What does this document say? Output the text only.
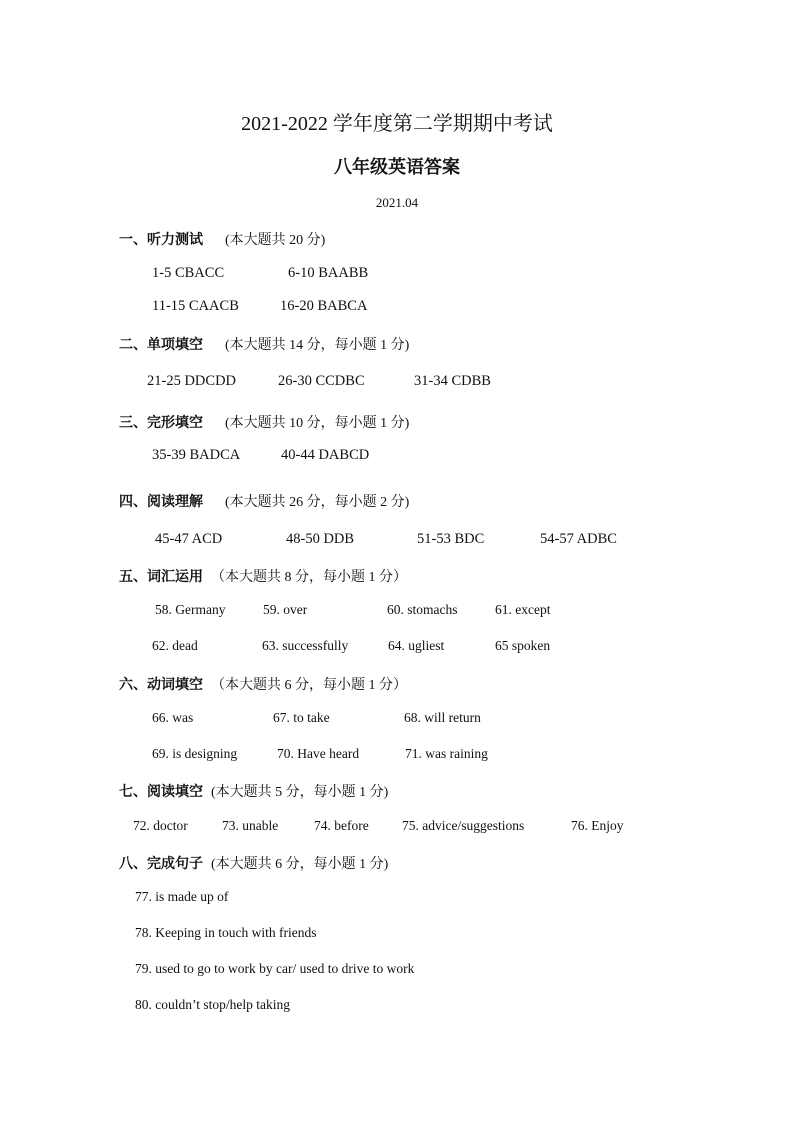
2021-2022 学年度第二学期期中考试
八年级英语答案
2021.04
一、听力测试 (本大题共 20 分)
1-5 CBACC	6-10 BAABB
11-15 CAACB	16-20 BABCA
二、单项填空 (本大题共 14 分，每小题 1 分)
21-25 DDCDD	26-30 CCDBC	31-34 CDBB
三、完形填空 (本大题共 10 分，每小题 1 分)
35-39 BADCA	40-44 DABCD
四、阅读理解 (本大题共 26 分，每小题 2 分)
45-47 ACD	48-50 DDB	51-53 BDC	54-57 ADBC
五、词汇运用 （本大题共 8 分，每小题 1 分）
58. Germany	59. over	60. stomachs	61. except
62. dead	63. successfully	64. ugliest	65 spoken
六、动词填空 （本大题共 6 分，每小题 1 分）
66. was	67. to take	68. will return
69. is designing	70. Have heard	71. was raining
七、阅读填空 (本大题共 5 分，每小题 1 分)
72. doctor	73. unable	74. before 75. advice/suggestions	76. Enjoy
八、完成句子 (本大题共 6 分，每小题 1 分)
77. is made up of
78. Keeping in touch with friends
79. used to go to work by car/ used to drive to work
80. couldn’t stop/help taking
